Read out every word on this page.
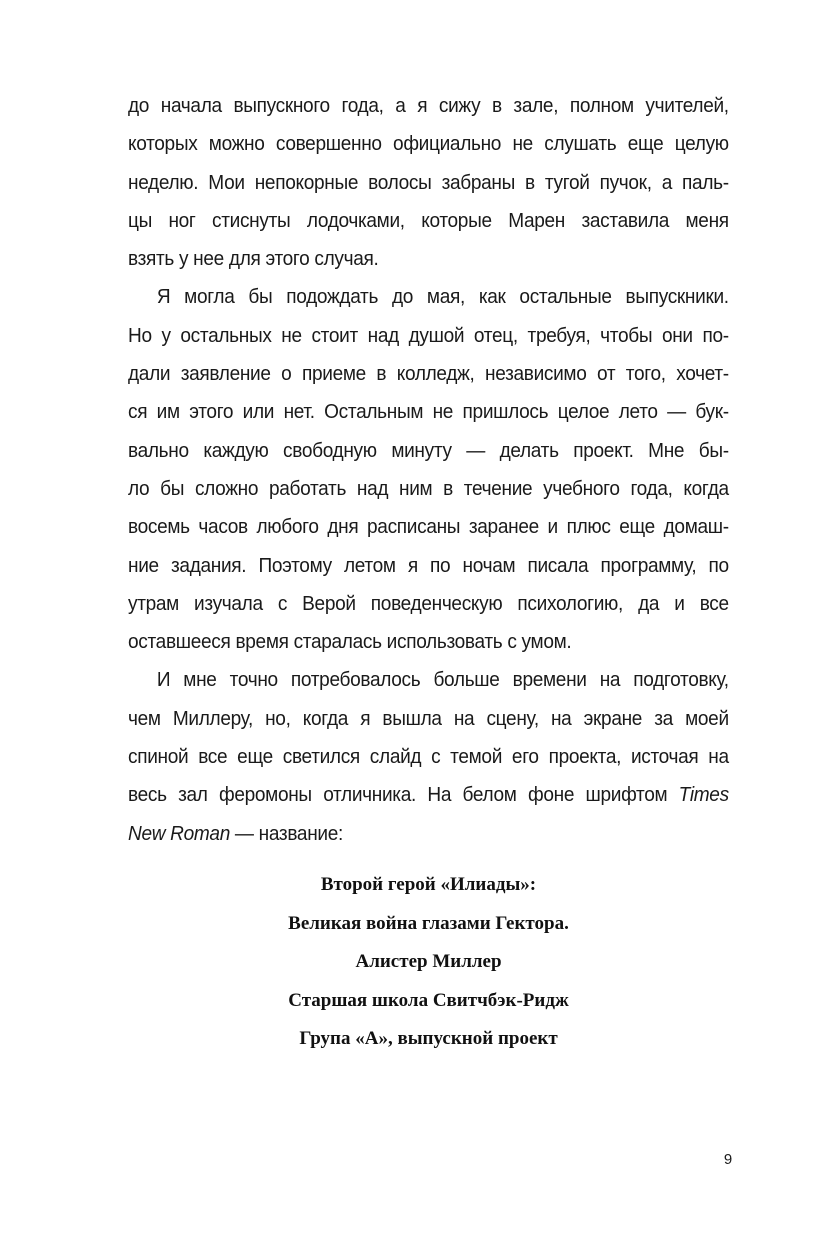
до начала выпускного года, а я сижу в зале, полном учителей,
которых можно совершенно официально не слушать еще целую
неделю. Мои непокорные волосы забраны в тугой пучок, а паль-
цы ног стиснуты лодочками, которые Марен заставила меня
взять у нее для этого случая.
Я могла бы подождать до мая, как остальные выпускники.
Но у остальных не стоит над душой отец, требуя, чтобы они по-
дали заявление о приеме в колледж, независимо от того, хочет-
ся им этого или нет. Остальным не пришлось целое лето — бук-
вально каждую свободную минуту — делать проект. Мне бы-
ло бы сложно работать над ним в течение учебного года, когда
восемь часов любого дня расписаны заранее и плюс еще домаш-
ние задания. Поэтому летом я по ночам писала программу, по
утрам изучала с Верой поведенческую психологию, да и все
оставшееся время старалась использовать с умом.
И мне точно потребовалось больше времени на подготовку,
чем Миллеру, но, когда я вышла на сцену, на экране за моей
спиной все еще светился слайд с темой его проекта, источая на
весь зал феромоны отличника. На белом фоне шрифтом Times
New Roman — название:
Второй герой «Илиады»:
Великая война глазами Гектора.
Алистер Миллер
Старшая школа Свитчбэк-Ридж
Група «А», выпускной проект
9
